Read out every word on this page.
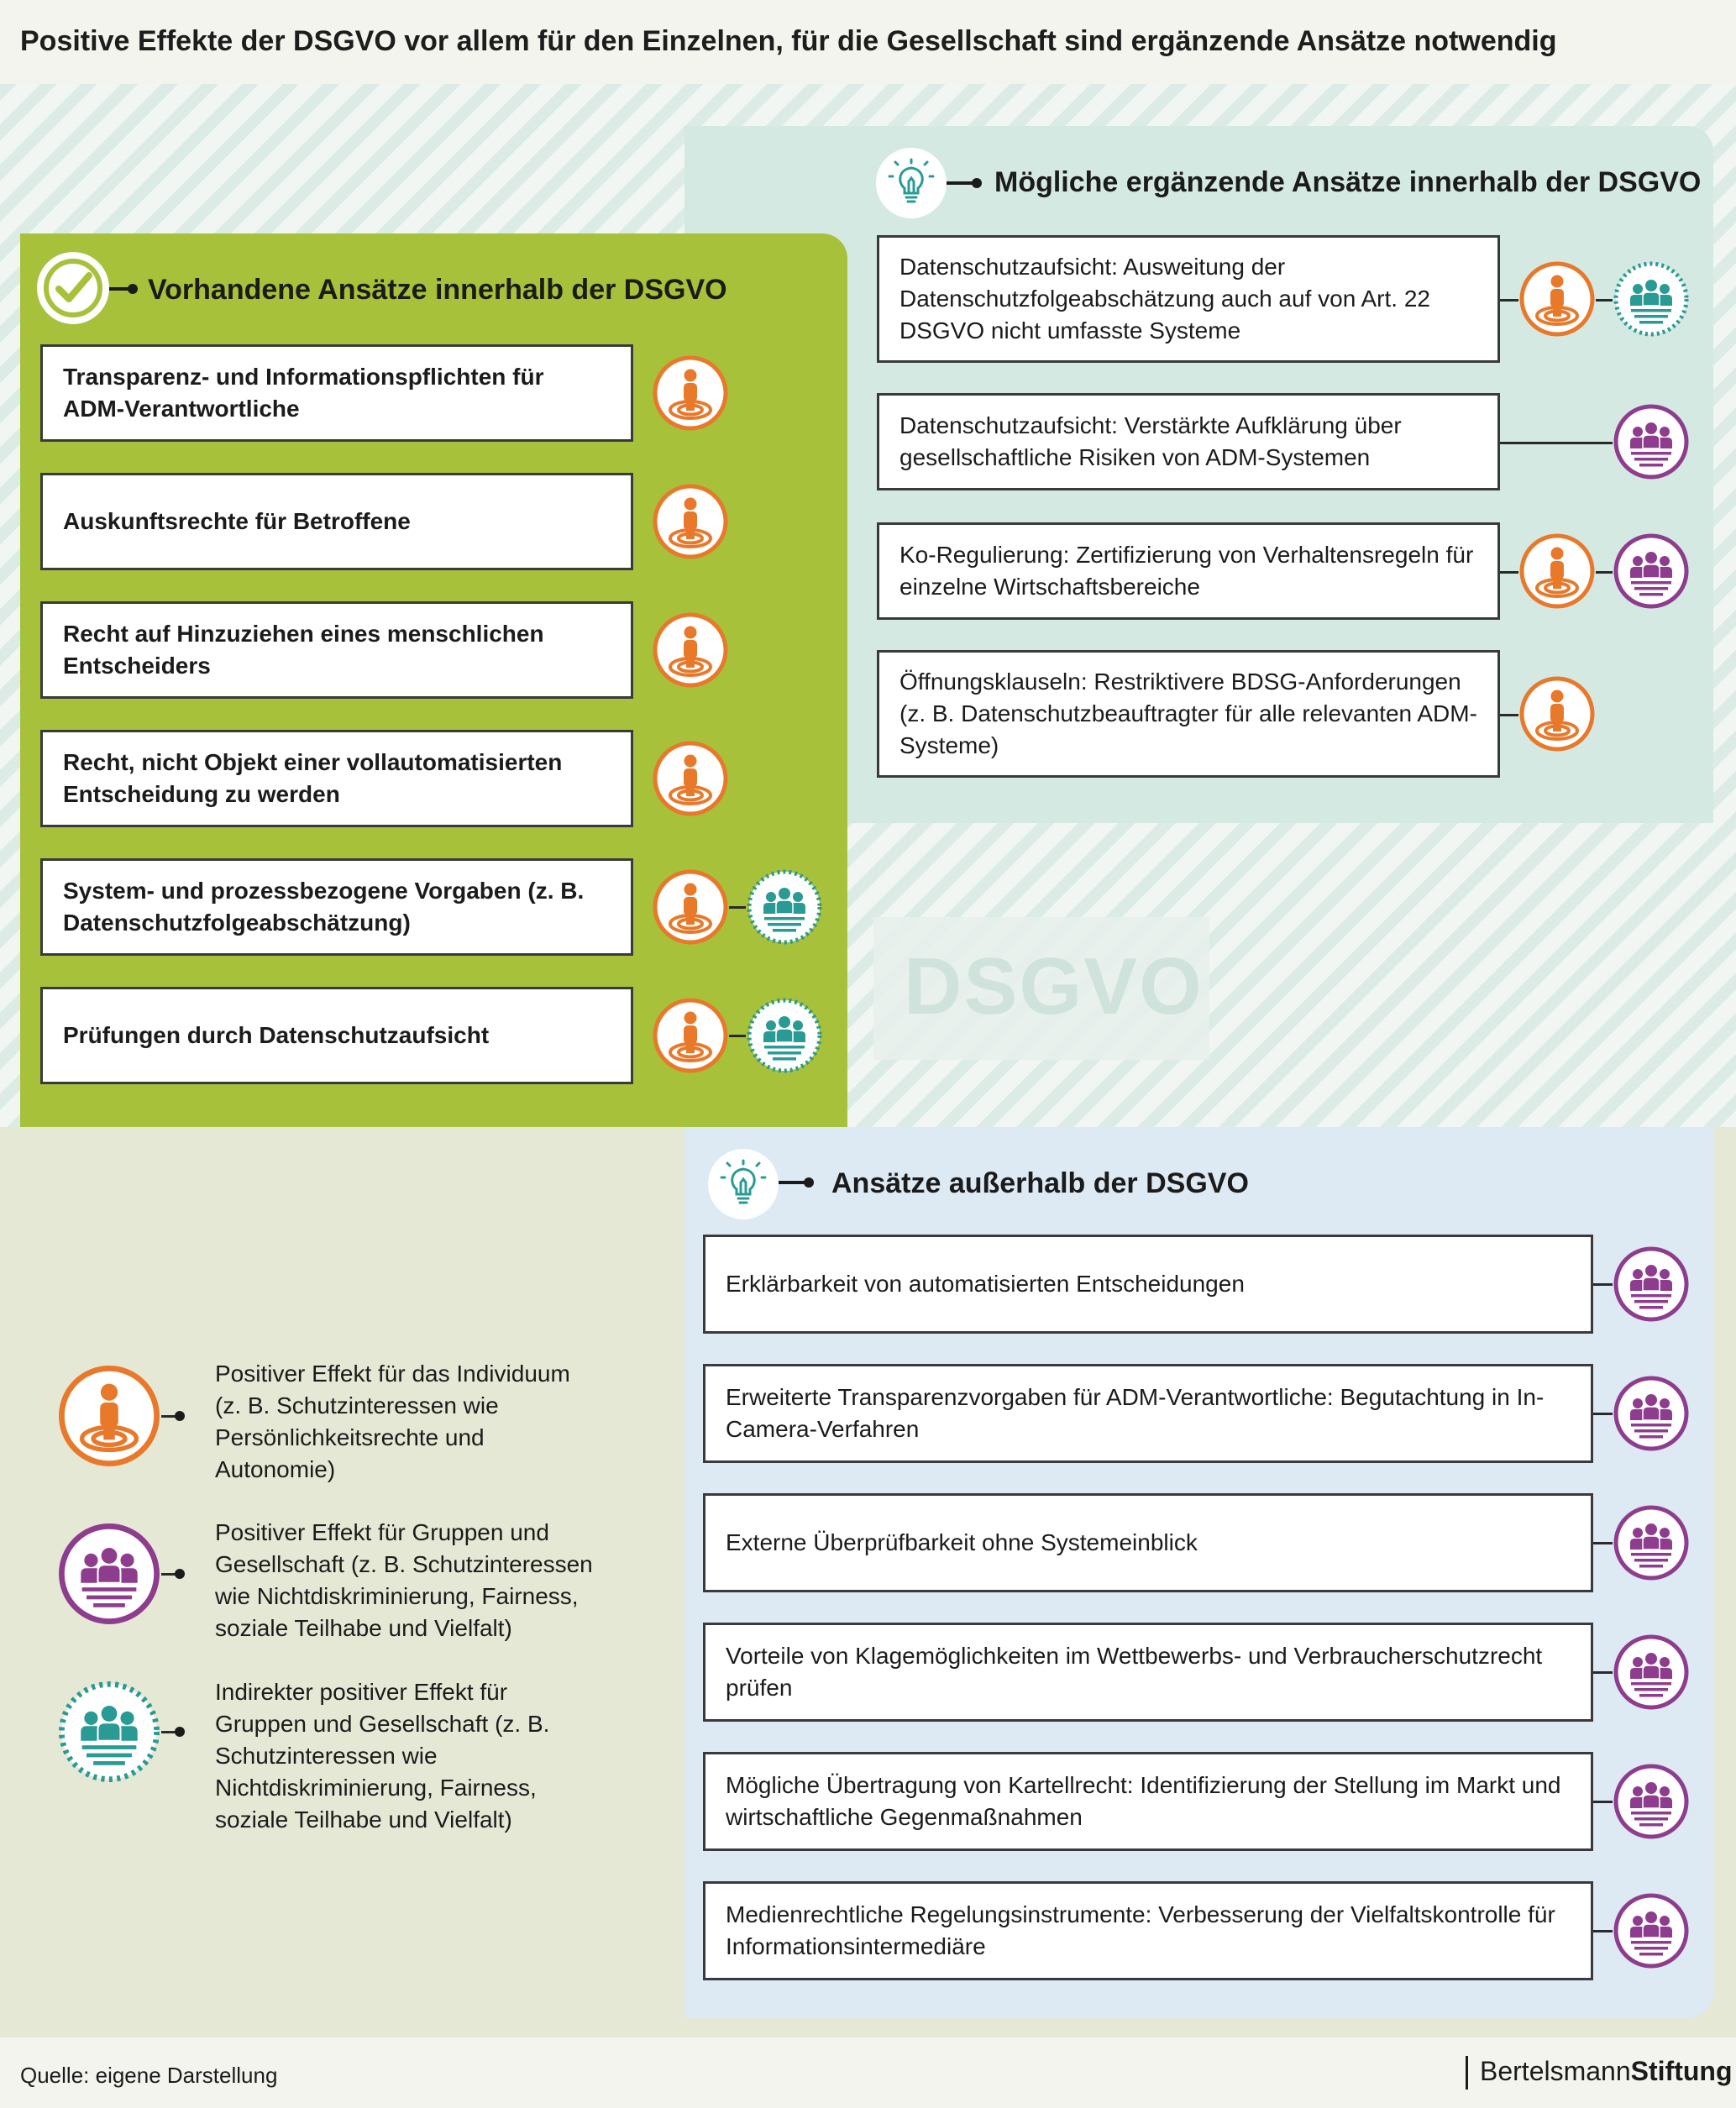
Positive Effekte der DSGVO vor allem für den Einzelnen, für die Gesellschaft sind ergänzende Ansätze notwendig
DSGVO
Vorhandene Ansätze innerhalb der DSGVO
Mögliche ergänzende Ansätze innerhalb der DSGVO
Ansätze außerhalb der DSGVO
Transparenz- und Informationspflichten für ADM-Verantwortliche
Auskunftsrechte für Betroffene
Recht auf Hinzuziehen eines menschlichen Entscheiders
Recht, nicht Objekt einer vollautomatisierten Entscheidung zu werden
System- und prozessbezogene Vorgaben (z. B. Datenschutzfolgeabschätzung)
Prüfungen durch Datenschutzaufsicht
Datenschutzaufsicht: Ausweitung der Datenschutzfolgeabschätzung auch auf von Art. 22 DSGVO nicht umfasste Systeme
Datenschutzaufsicht: Verstärkte Aufklärung über gesellschaftliche Risiken von ADM-Systemen
Ko-Regulierung: Zertifizierung von Verhaltensregeln für einzelne Wirtschaftsbereiche
Öffnungsklauseln: Restriktivere BDSG-Anforderungen (z. B. Datenschutzbeauftragter für alle relevanten ADM-Systeme)
Erklärbarkeit von automatisierten Entscheidungen
Erweiterte Transparenzvorgaben für ADM-Verantwortliche: Begutachtung in In-Camera-Verfahren
Externe Überprüfbarkeit ohne Systemeinblick
Vorteile von Klagemöglichkeiten im Wettbewerbs- und Verbraucherschutzrecht prüfen
Mögliche Übertragung von Kartellrecht: Identifizierung der Stellung im Markt und wirtschaftliche Gegenmaßnahmen
Medienrechtliche Regelungsinstrumente: Verbesserung der Vielfaltskontrolle für Informationsintermediäre
Positiver Effekt für das Individuum (z. B. Schutzinteressen wie Persönlichkeitsrechte und Autonomie)
Positiver Effekt für Gruppen und Gesellschaft (z. B. Schutzinteressen wie Nichtdiskriminierung, Fairness, soziale Teilhabe und Vielfalt)
Indirekter positiver Effekt für Gruppen und Gesellschaft (z. B. Schutzinteressen wie Nichtdiskriminierung, Fairness, soziale Teilhabe und Vielfalt)
Quelle: eigene Darstellung	BertelsmannStiftung
